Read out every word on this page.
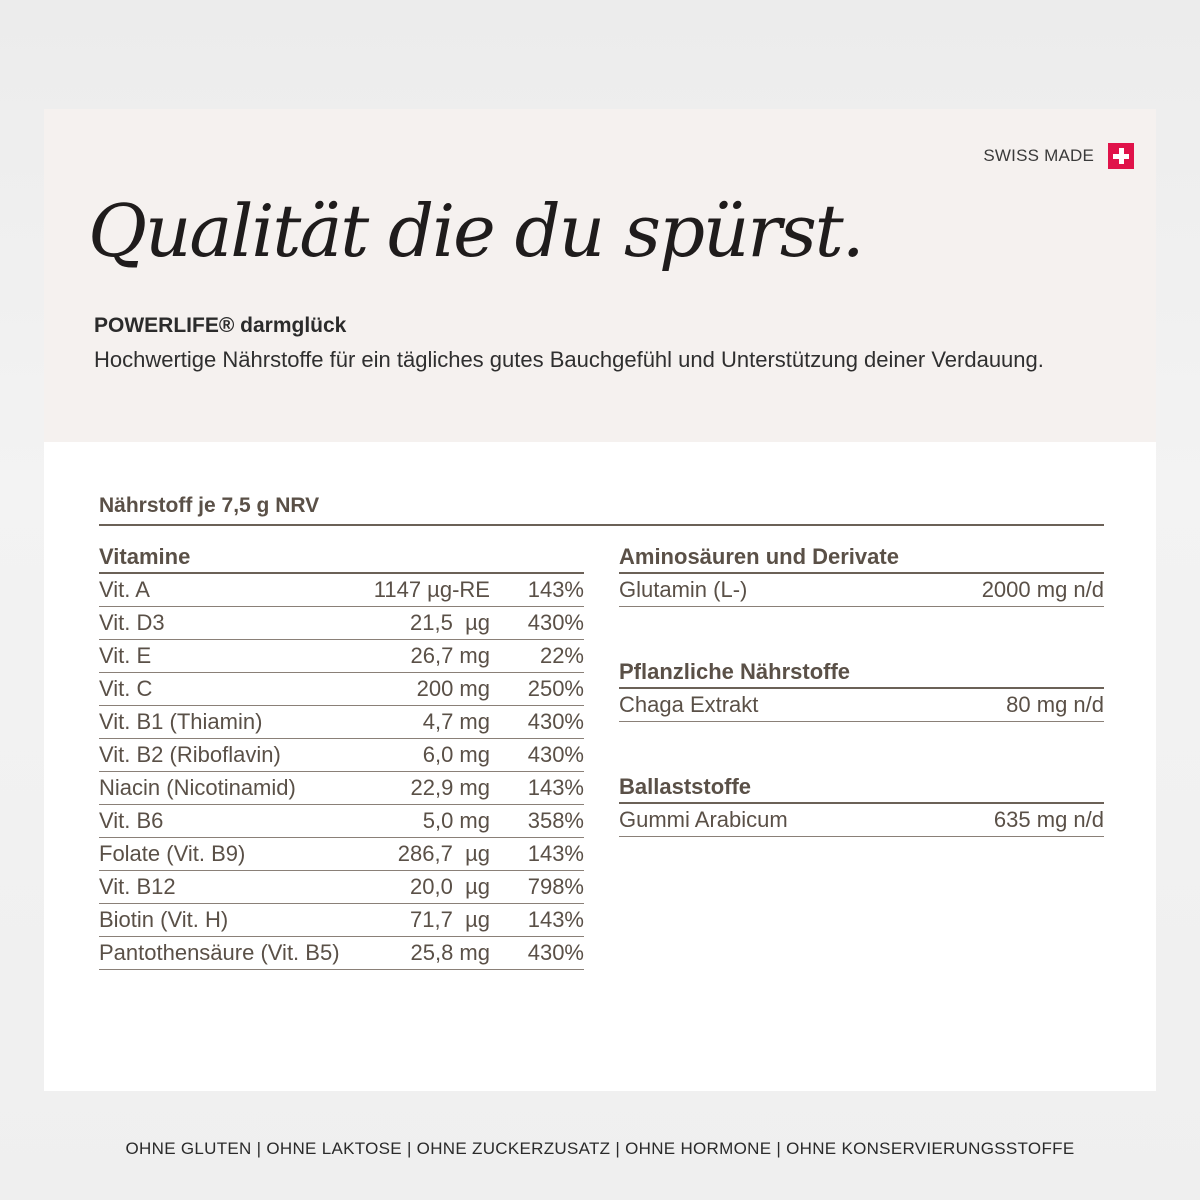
SWISS MADE
Qualität die du spürst.
POWERLIFE® darmglück
Hochwertige Nährstoffe für ein tägliches gutes Bauchgefühl und Unterstützung deiner Verdauung.
Nährstoff je 7,5 g NRV
Vitamine
Vit. A	1147 µg-RE	143%
Vit. D3	21,5  µg	430%
Vit. E	26,7 mg	22%
Vit. C	200 mg	250%
Vit. B1 (Thiamin)	4,7 mg	430%
Vit. B2 (Riboflavin)	6,0 mg	430%
Niacin (Nicotinamid)	22,9 mg	143%
Vit. B6	5,0 mg	358%
Folate (Vit. B9)	286,7  µg	143%
Vit. B12	20,0  µg	798%
Biotin (Vit. H)	71,7  µg	143%
Pantothensäure (Vit. B5)	25,8 mg	430%
Aminosäuren und Derivate
Glutamin (L-)	2000 mg n/d
Pflanzliche Nährstoffe
Chaga Extrakt	80 mg n/d
Ballaststoffe
Gummi Arabicum	635 mg n/d
OHNE GLUTEN | OHNE LAKTOSE | OHNE ZUCKERZUSATZ | OHNE HORMONE | OHNE KONSERVIERUNGSSTOFFE
